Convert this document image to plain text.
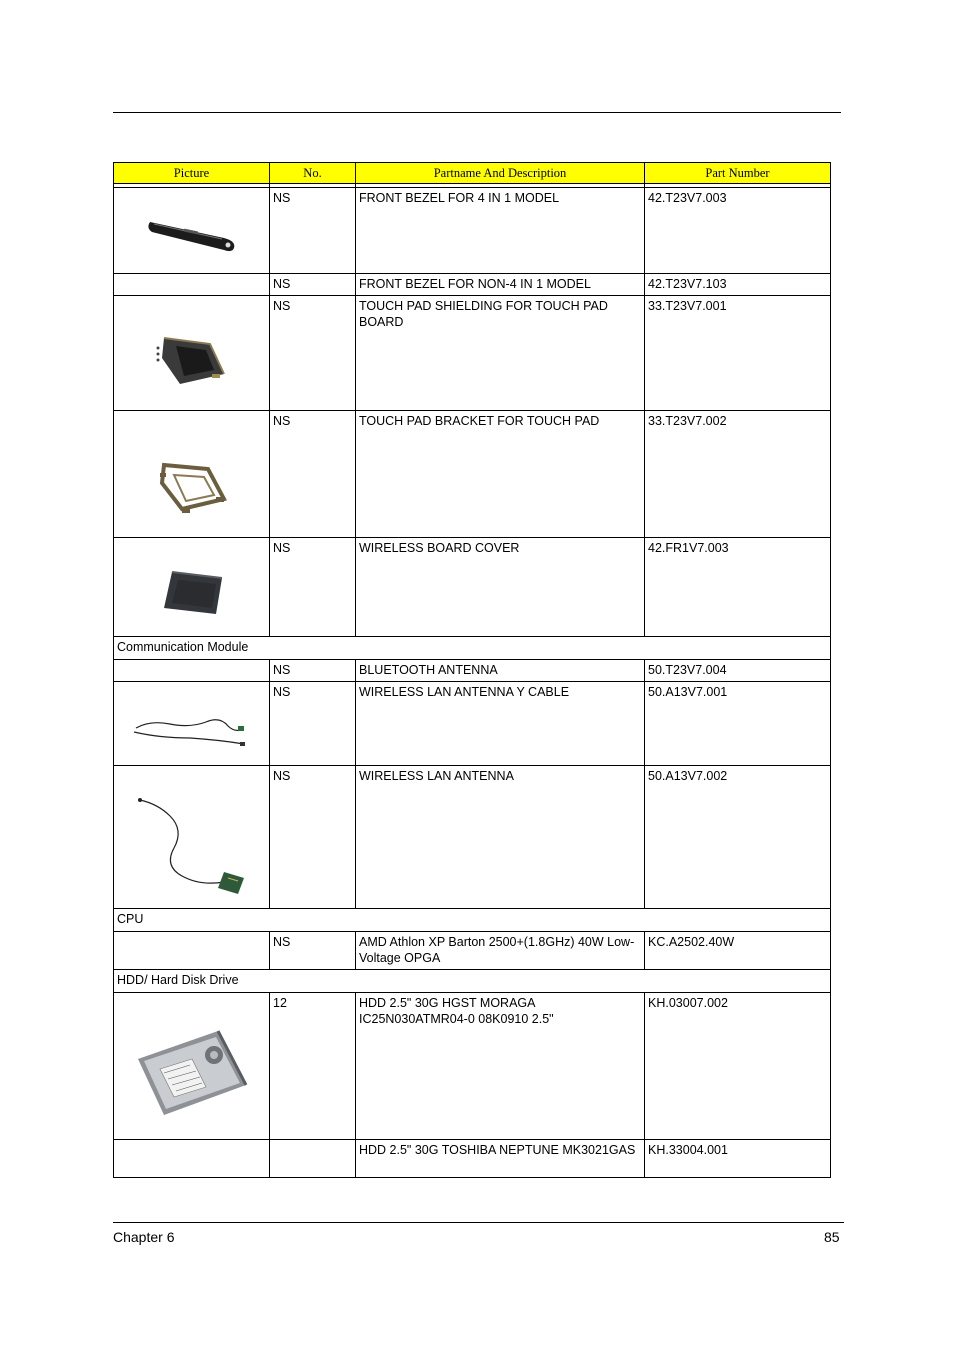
Picture	No.	Partname And Description	Part Number

NS	FRONT BEZEL FOR 4 IN 1 MODEL	42.T23V7.003

	NS	FRONT BEZEL FOR NON-4 IN 1 MODEL	42.T23V7.103

NS	TOUCH PAD SHIELDING FOR TOUCH PAD BOARD	33.T23V7.001

NS	TOUCH PAD BRACKET FOR TOUCH PAD	33.T23V7.002

NS	WIRELESS BOARD COVER	42.FR1V7.003

Communication Module			

	NS	BLUETOOTH ANTENNA	50.T23V7.004

NS	WIRELESS LAN ANTENNA Y CABLE	50.A13V7.001

NS	WIRELESS LAN ANTENNA	50.A13V7.002

CPU			

	NS	AMD Athlon XP Barton 2500+(1.8GHz) 40W Low-Voltage OPGA	KC.A2502.40W

HDD/ Hard Disk Drive			

12	HDD 2.5" 30G HGST MORAGA IC25N030ATMR04-0 08K0910 2.5"	KH.03007.002

		HDD 2.5" 30G TOSHIBA NEPTUNE MK3021GAS	KH.33004.001
Chapter 6	85
